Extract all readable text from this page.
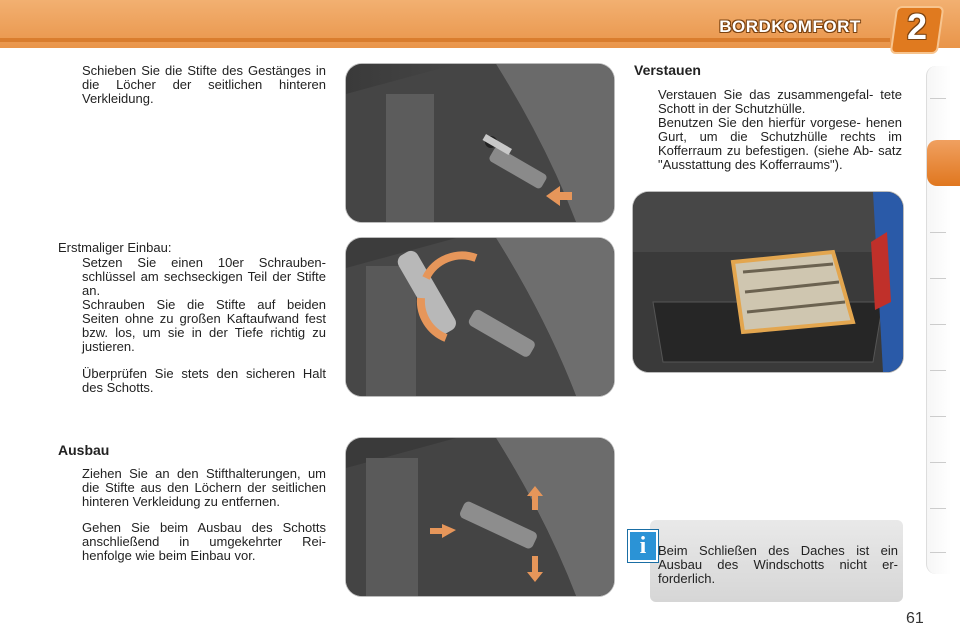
BORDKOMFORT	2
Schieben Sie die Stifte des Gestänges in die Löcher der seitlichen hinteren Verkleidung.
Erstmaliger Einbau:
Setzen Sie einen 10er Schrauben- schlüssel am sechseckigen Teil der Stifte an.
Schrauben Sie die Stifte auf beiden Seiten ohne zu großen Kaftaufwand fest bzw. los, um sie in der Tiefe richtig zu justieren.
Überprüfen Sie stets den sicheren Halt des Schotts.
Ausbau
Ziehen Sie an den Stifthalterungen, um die Stifte aus den Löchern der seitlichen hinteren Verkleidung zu entfernen.
Gehen Sie beim Ausbau des Schotts anschließend in umgekehrter Rei- henfolge wie beim Einbau vor.
Verstauen
Verstauen Sie das zusammengefal- tete Schott in der Schutzhülle.
Benutzen Sie den hierfür vorgese- henen Gurt, um die Schutzhülle rechts im Kofferraum zu befestigen. (siehe Ab- satz "Ausstattung des Kofferraums").
i Beim Schließen des Daches ist ein Ausbau des Windschotts nicht er- forderlich.
61
